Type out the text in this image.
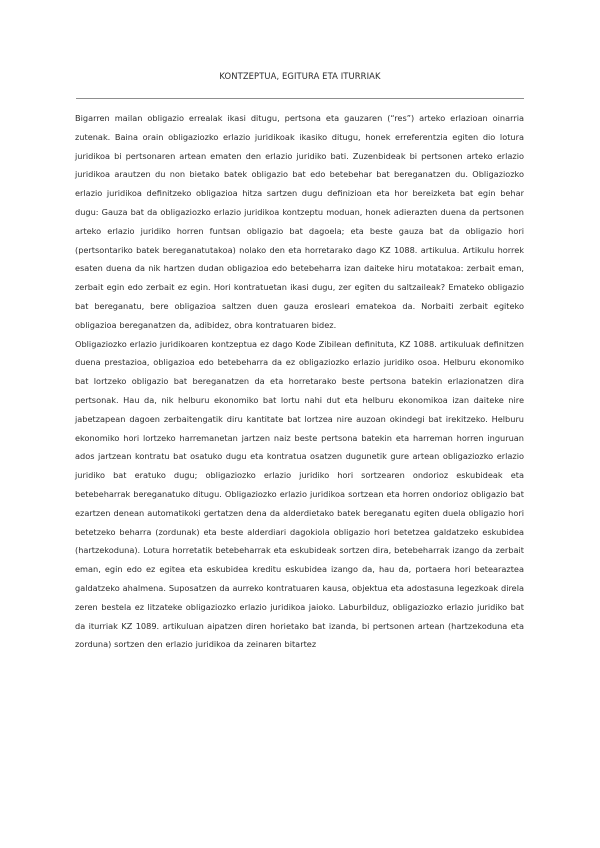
KONTZEPTUA, EGITURA ETA ITURRIAK

Bigarren mailan obligazio errealak ikasi ditugu, pertsona eta gauzaren (“res”) arteko erlazioan oinarria zutenak. Baina orain obligaziozko erlazio juridikoak ikasiko ditugu, honek erreferentzia egiten dio lotura juridikoa bi pertsonaren artean ematen den erlazio juridiko bati. Zuzenbideak bi pertsonen arteko erlazio juridikoa arautzen du non bietako batek obligazio bat edo betebehar bat bereganatzen du. Obligaziozko erlazio juridikoa definitzeko obligazioa hitza sartzen dugu definizioan eta hor bereizketa bat egin behar dugu: Gauza bat da obligaziozko erlazio juridikoa kontzeptu moduan, honek adierazten duena da pertsonen arteko erlazio juridiko horren funtsan obligazio bat dagoela; eta beste gauza bat da obligazio hori (pertsontariko batek bereganatutakoa) nolako den eta horretarako dago KZ 1088. artikulua. Artikulu horrek esaten duena da nik hartzen dudan obligazioa edo betebeharra izan daiteke hiru motatakoa: zerbait eman, zerbait egin edo zerbait ez egin. Hori kontratuetan ikasi dugu, zer egiten du saltzaileak? Emateko obligazio bat bereganatu, bere obligazioa saltzen duen gauza erosleari ematekoa da. Norbaiti zerbait egiteko obligazioa bereganatzen da, adibidez, obra kontratuaren bidez.

Obligaziozko erlazio juridikoaren kontzeptua ez dago Kode Zibilean definituta, KZ 1088. artikuluak definitzen duena prestazioa, obligazioa edo betebeharra da ez obligaziozko erlazio juridiko osoa. Helburu ekonomiko bat lortzeko obligazio bat bereganatzen da eta horretarako beste pertsona batekin erlazionatzen dira pertsonak. Hau da, nik helburu ekonomiko bat lortu nahi dut eta helburu ekonomikoa izan daiteke nire jabetzapean dagoen zerbaitengatik diru kantitate bat lortzea nire auzoan okindegi bat irekitzeko. Helburu ekonomiko hori lortzeko harremanetan jartzen naiz beste pertsona batekin eta harreman horren inguruan ados jartzean kontratu bat osatuko dugu eta kontratua osatzen dugunetik gure artean obligaziozko erlazio juridiko bat eratuko dugu; obligaziozko erlazio juridiko hori sortzearen ondorioz eskubideak eta betebeharrak bereganatuko ditugu. Obligaziozko erlazio juridikoa sortzean eta horren ondorioz obligazio bat ezartzen denean automatikoki gertatzen dena da alderdietako batek bereganatu egiten duela obligazio hori betetzeko beharra (zordunak) eta beste alderdiari dagokiola obligazio hori betetzea galdatzeko eskubidea (hartzekoduna). Lotura horretatik betebeharrak eta eskubideak sortzen dira, betebeharrak izango da zerbait eman, egin edo ez egitea eta eskubidea kreditu eskubidea izango da, hau da, portaera hori betearaztea galdatzeko ahalmena. Suposatzen da aurreko kontratuaren kausa, objektua eta adostasuna legezkoak direla zeren bestela ez litzateke obligaziozko erlazio juridikoa jaioko. Laburbilduz, obligaziozko erlazio juridiko bat da iturriak KZ 1089. artikuluan aipatzen diren horietako bat izanda, bi pertsonen artean (hartzekoduna eta zorduna) sortzen den erlazio juridikoa da zeinaren bitartez
